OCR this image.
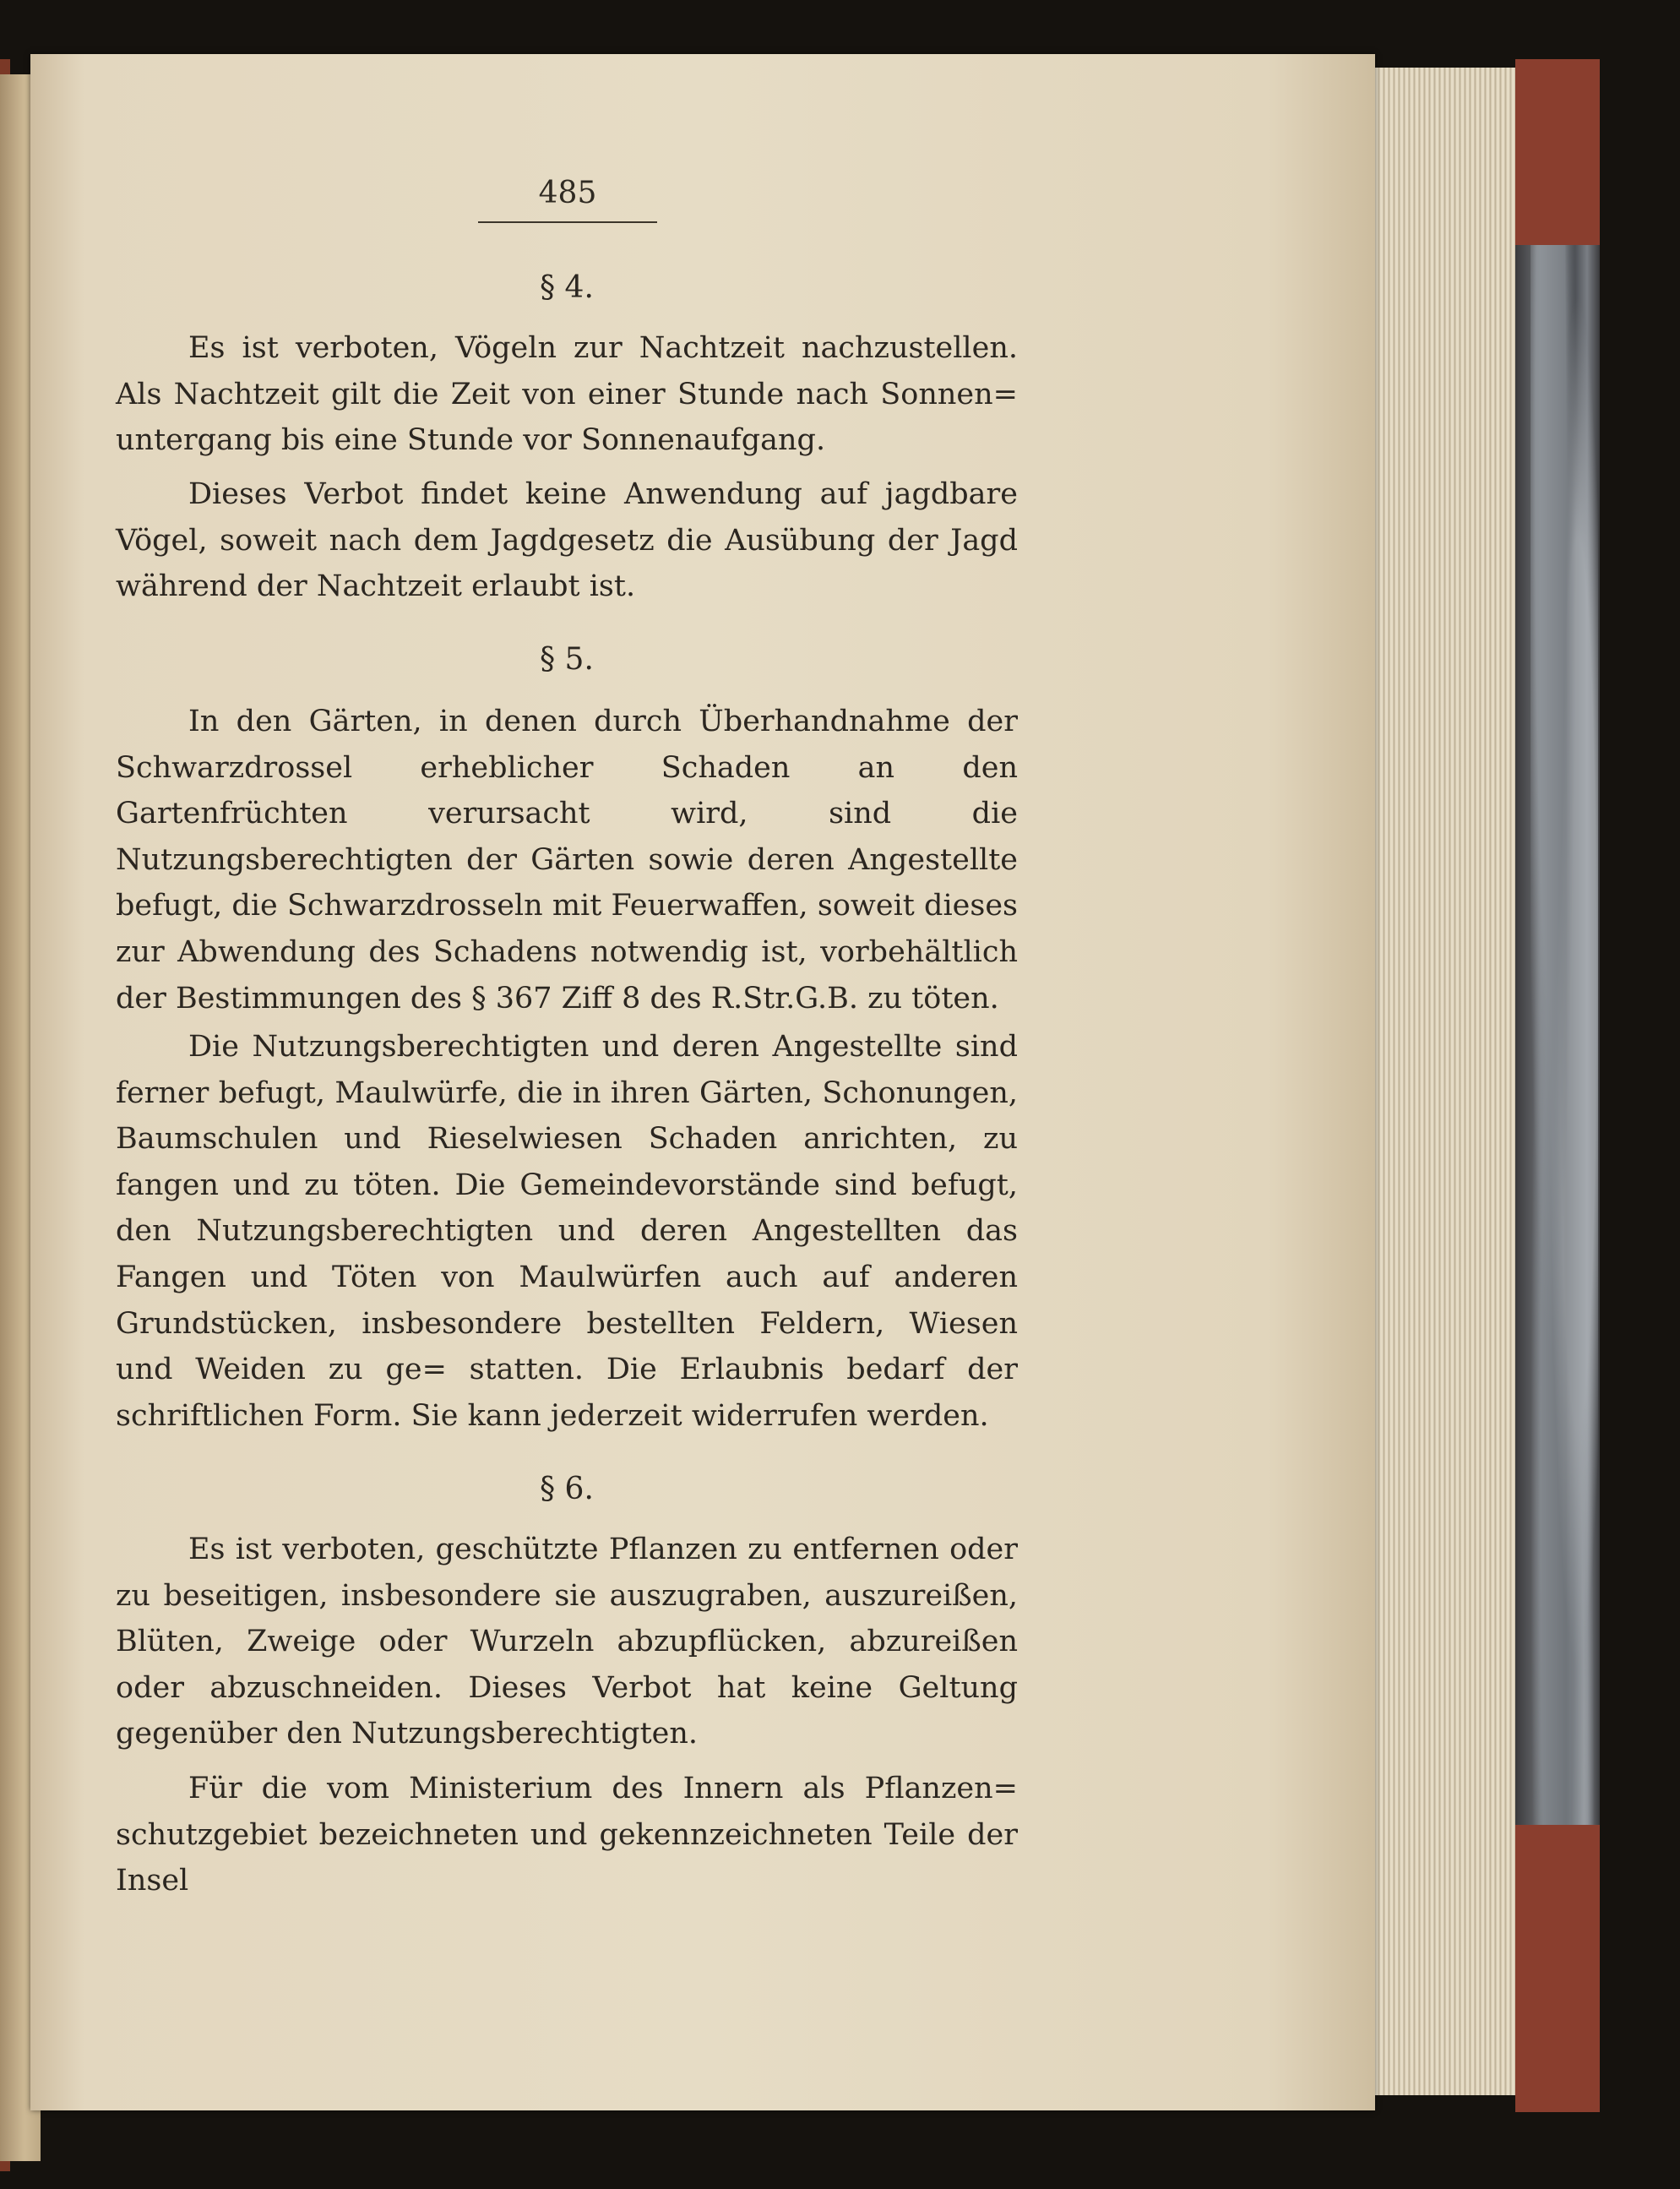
485
§ 4.
Es ist verboten, Vögeln zur Nachtzeit nachzustellen. Als Nachtzeit gilt die Zeit von einer Stunde nach Sonnen= untergang bis eine Stunde vor Sonnenaufgang.
Dieses Verbot findet keine Anwendung auf jagdbare Vögel, soweit nach dem Jagdgesetz die Ausübung der Jagd während der Nachtzeit erlaubt ist.
§ 5.
In den Gärten, in denen durch Überhandnahme der Schwarzdrossel erheblicher Schaden an den Gartenfrüchten verursacht wird, sind die Nutzungsberechtigten der Gärten sowie deren Angestellte befugt, die Schwarzdrosseln mit Feuerwaffen, soweit dieses zur Abwendung des Schadens notwendig ist, vorbehältlich der Bestimmungen des § 367 Ziff 8 des R.Str.G.B. zu töten.
Die Nutzungsberechtigten und deren Angestellte sind ferner befugt, Maulwürfe, die in ihren Gärten, Schonungen, Baumschulen und Rieselwiesen Schaden anrichten, zu fangen und zu töten. Die Gemeindevorstände sind befugt, den Nutzungsberechtigten und deren Angestellten das Fangen und Töten von Maulwürfen auch auf anderen Grundstücken, insbesondere bestellten Feldern, Wiesen und Weiden zu ge= statten. Die Erlaubnis bedarf der schriftlichen Form. Sie kann jederzeit widerrufen werden.
§ 6.
Es ist verboten, geschützte Pflanzen zu entfernen oder zu beseitigen, insbesondere sie auszugraben, auszureißen, Blüten, Zweige oder Wurzeln abzupflücken, abzureißen oder abzuschneiden. Dieses Verbot hat keine Geltung gegenüber den Nutzungsberechtigten.
Für die vom Ministerium des Innern als Pflanzen= schutzgebiet bezeichneten und gekennzeichneten Teile der Insel
